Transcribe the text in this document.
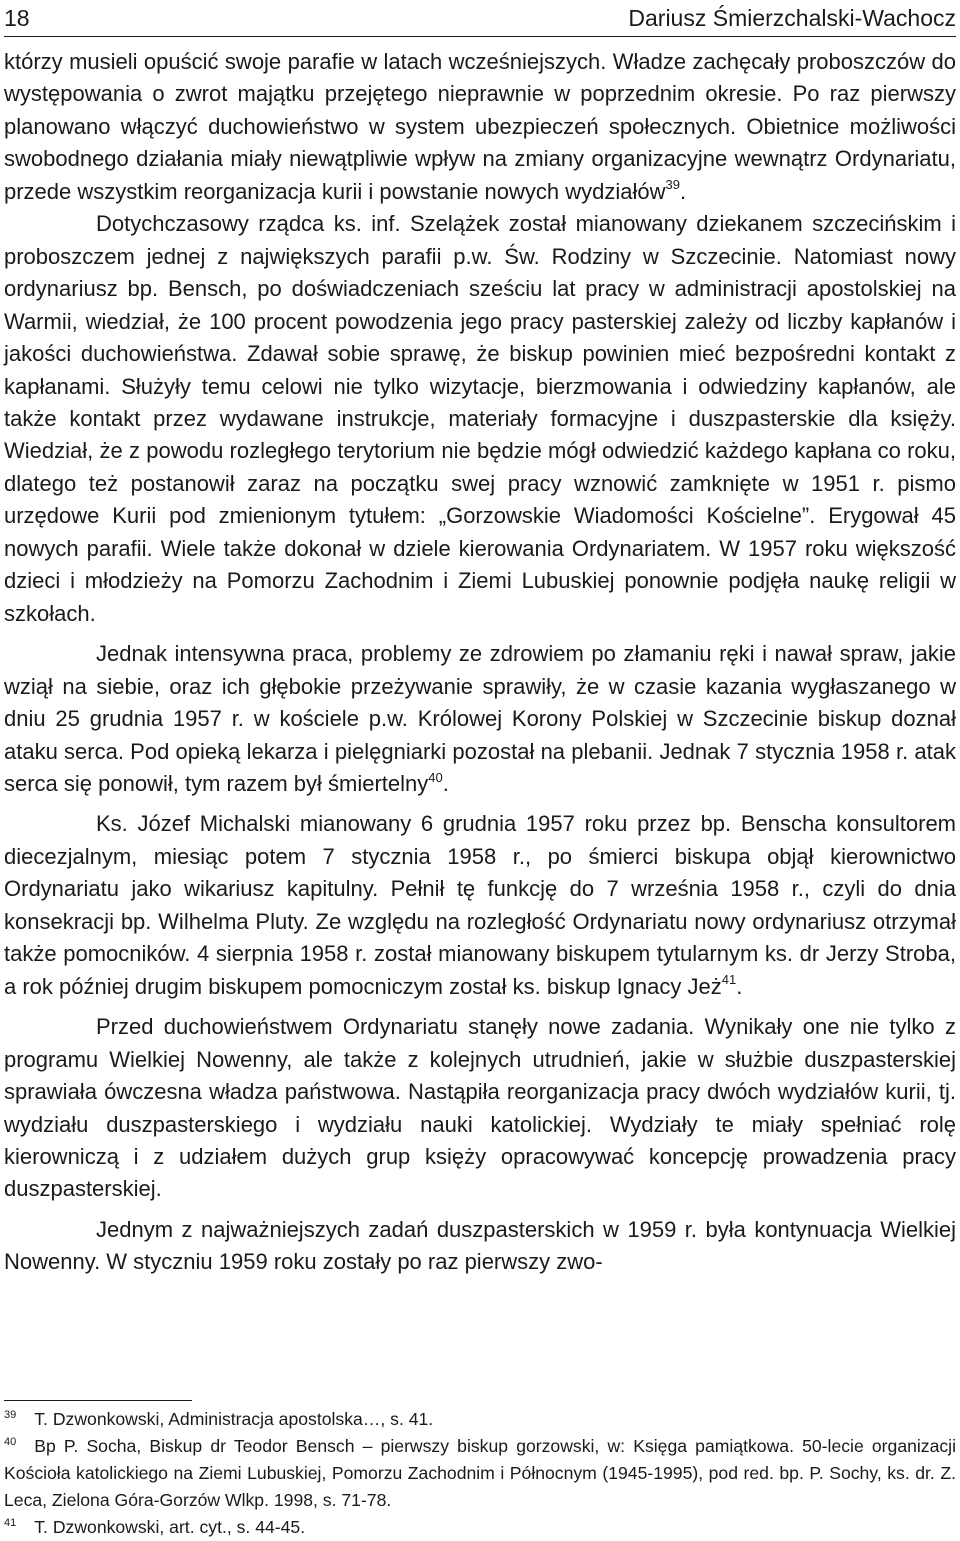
18	Dariusz Śmierzchalski-Wachocz

którzy musieli opuścić swoje parafie w latach wcześniejszych. Władze zachęcały proboszczów do występowania o zwrot majątku przejętego nieprawnie w poprzednim okresie. Po raz pierwszy planowano włączyć duchowieństwo w system ubezpieczeń społecznych. Obietnice możliwości swobodnego działania miały niewątpliwie wpływ na zmiany organizacyjne wewnątrz Ordynariatu, przede wszystkim reorganizacja kurii i powstanie nowych wydziałów$^{39}$.

Dotychczasowy rządca ks. inf. Szelążek został mianowany dziekanem szczecińskim i proboszczem jednej z największych parafii p.w. Św. Rodziny w Szczecinie. Natomiast nowy ordynariusz bp. Bensch, po doświadczeniach sześciu lat pracy w administracji apostolskiej na Warmii, wiedział, że 100 procent powodzenia jego pracy pasterskiej zależy od liczby kapłanów i jakości duchowieństwa. Zdawał sobie sprawę, że biskup powinien mieć bezpośredni kontakt z kapłanami. Służyły temu celowi nie tylko wizytacje, bierzmowania i odwiedziny kapłanów, ale także kontakt przez wydawane instrukcje, materiały formacyjne i duszpasterskie dla księży. Wiedział, że z powodu rozległego terytorium nie będzie mógł odwiedzić każdego kapłana co roku, dlatego też postanowił zaraz na początku swej pracy wznowić zamknięte w 1951 r. pismo urzędowe Kurii pod zmienionym tytułem: „Gorzowskie Wiadomości Kościelne”. Erygował 45 nowych parafii. Wiele także dokonał w dziele kierowania Ordynariatem. W 1957 roku większość dzieci i młodzieży na Pomorzu Zachodnim i Ziemi Lubuskiej ponownie podjęła naukę religii w szkołach.

Jednak intensywna praca, problemy ze zdrowiem po złamaniu ręki i nawał spraw, jakie wziął na siebie, oraz ich głębokie przeżywanie sprawiły, że w czasie kazania wygłaszanego w dniu 25 grudnia 1957 r. w kościele p.w. Królowej Korony Polskiej w Szczecinie biskup doznał ataku serca. Pod opieką lekarza i pielęgniarki pozostał na plebanii. Jednak 7 stycznia 1958 r. atak serca się ponowił, tym razem był śmiertelny$^{40}$.

Ks. Józef Michalski mianowany 6 grudnia 1957 roku przez bp. Benscha konsultorem diecezjalnym, miesiąc potem 7 stycznia 1958 r., po śmierci biskupa objął kierownictwo Ordynariatu jako wikariusz kapitulny. Pełnił tę funkcję do 7 września 1958 r., czyli do dnia konsekracji bp. Wilhelma Pluty. Ze względu na rozległość Ordynariatu nowy ordynariusz otrzymał także pomocników. 4 sierpnia 1958 r. został mianowany biskupem tytularnym ks. dr Jerzy Stroba, a rok później drugim biskupem pomocniczym został ks. biskup Ignacy Jeż$^{41}$.

Przed duchowieństwem Ordynariatu stanęły nowe zadania. Wynikały one nie tylko z programu Wielkiej Nowenny, ale także z kolejnych utrudnień, jakie w służbie duszpasterskiej sprawiała ówczesna władza państwowa. Nastąpiła reorganizacja pracy dwóch wydziałów kurii, tj. wydziału duszpasterskiego i wydziału nauki katolickiej. Wydziały te miały spełniać rolę kierowniczą i z udziałem dużych grup księży opracowywać koncepcję prowadzenia pracy duszpasterskiej.

Jednym z najważniejszych zadań duszpasterskich w 1959 r. była kontynuacja Wielkiej Nowenny. W styczniu 1959 roku zostały po raz pierwszy zwo-

$^{39}$ T. Dzwonkowski, Administracja apostolska…, s. 41.

$^{40}$ Bp P. Socha, Biskup dr Teodor Bensch – pierwszy biskup gorzowski, w: Księga pamiątkowa. 50-lecie organizacji Kościoła katolickiego na Ziemi Lubuskiej, Pomorzu Zachodnim i Północnym (1945-1995), pod red. bp. P. Sochy, ks. dr. Z. Leca, Zielona Góra-Gorzów Wlkp. 1998, s. 71-78.

$^{41}$ T. Dzwonkowski, art. cyt., s. 44-45.
